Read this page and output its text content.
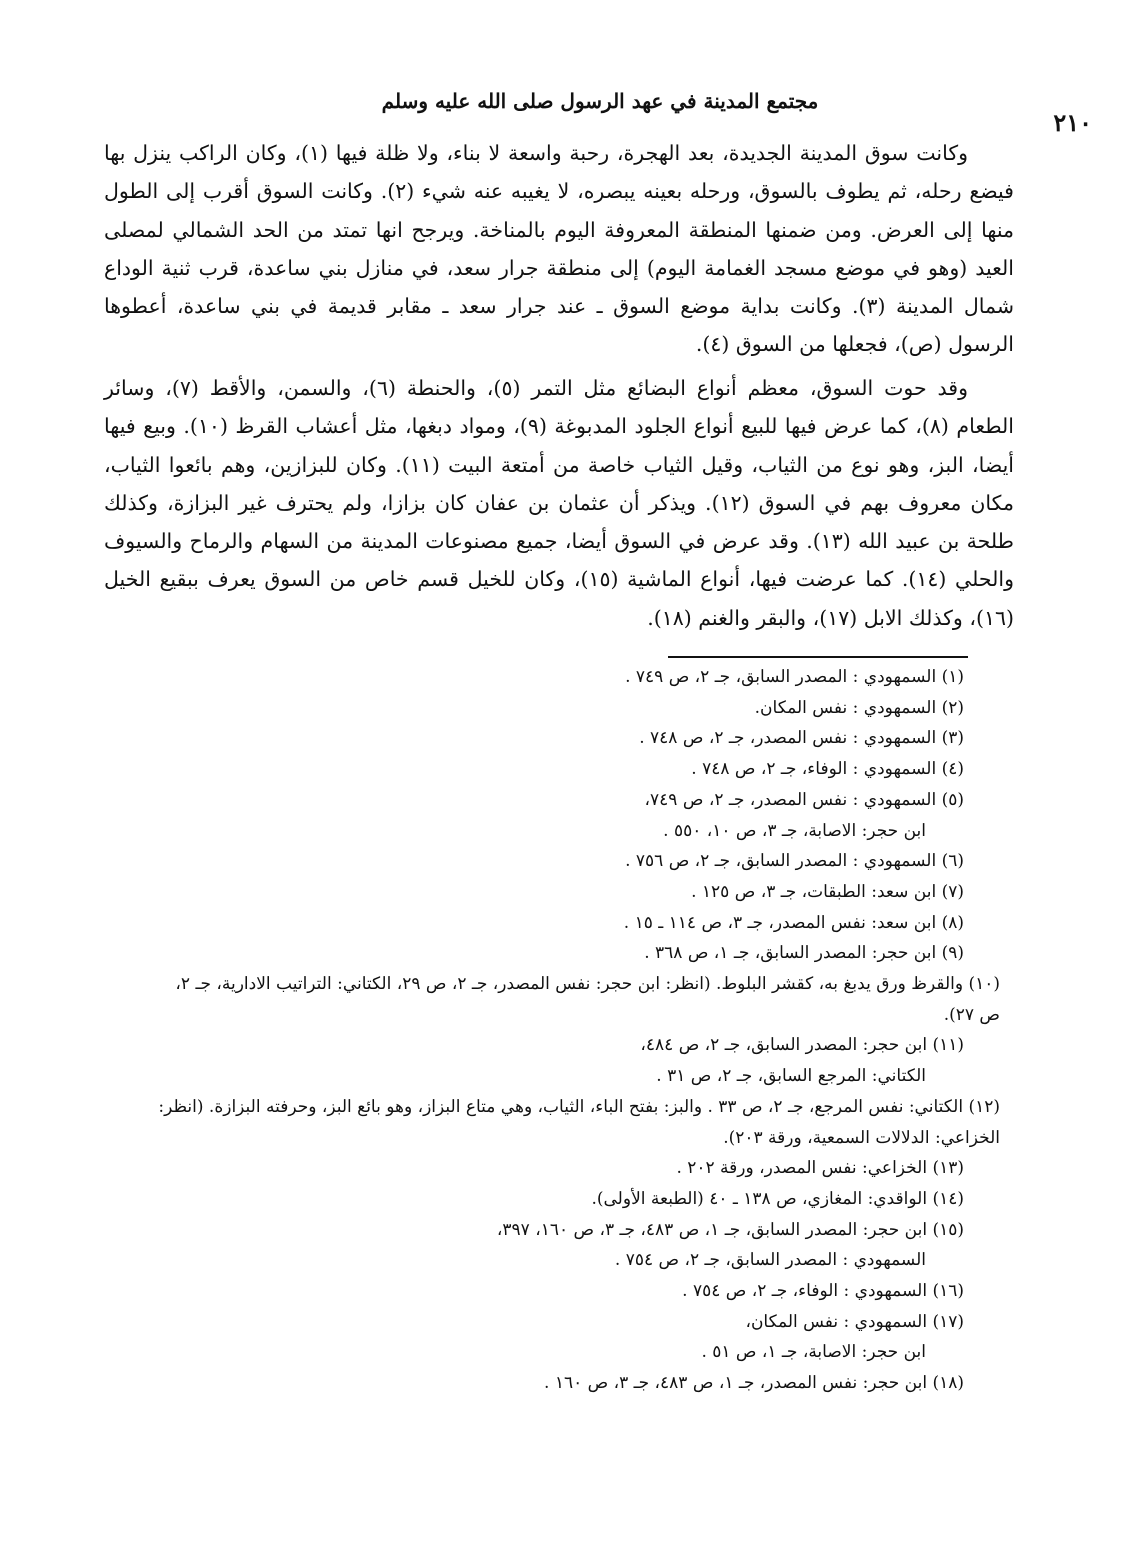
مجتمع المدينة في عهد الرسول صلى الله عليه وسلم
٢١٠

وكانت سوق المدينة الجديدة، بعد الهجرة، رحبة واسعة لا بناء، ولا ظلة فيها (١)، وكان الراكب ينزل بها فيضع رحله، ثم يطوف بالسوق، ورحله بعينه يبصره، لا يغيبه عنه شيء (٢). وكانت السوق أقرب إلى الطول منها إلى العرض. ومن ضمنها المنطقة المعروفة اليوم بالمناخة. ويرجح انها تمتد من الحد الشمالي لمصلى العيد (وهو في موضع مسجد الغمامة اليوم) إلى منطقة جرار سعد، في منازل بني ساعدة، قرب ثنية الوداع شمال المدينة (٣). وكانت بداية موضع السوق ـ عند جرار سعد ـ مقابر قديمة في بني ساعدة، أعطوها الرسول (ص)، فجعلها من السوق (٤).

وقد حوت السوق، معظم أنواع البضائع مثل التمر (٥)، والحنطة (٦)، والسمن، والأقط (٧)، وسائر الطعام (٨)، كما عرض فيها للبيع أنواع الجلود المدبوغة (٩)، ومواد دبغها، مثل أعشاب القرظ (١٠). وبيع فيها أيضا، البز، وهو نوع من الثياب، وقيل الثياب خاصة من أمتعة البيت (١١). وكان للبزازين، وهم بائعوا الثياب، مكان معروف بهم في السوق (١٢). ويذكر أن عثمان بن عفان كان بزازا، ولم يحترف غير البزازة، وكذلك طلحة بن عبيد الله (١٣). وقد عرض في السوق أيضا، جميع مصنوعات المدينة من السهام والرماح والسيوف والحلي (١٤). كما عرضت فيها، أنواع الماشية (١٥)، وكان للخيل قسم خاص من السوق يعرف ببقيع الخيل (١٦)، وكذلك الابل (١٧)، والبقر والغنم (١٨).

(١) السمهودي : المصدر السابق، جـ ٢، ص ٧٤٩ .
(٢) السمهودي : نفس المكان.
(٣) السمهودي : نفس المصدر، جـ ٢، ص ٧٤٨ .
(٤) السمهودي : الوفاء، جـ ٢، ص ٧٤٨ .
(٥) السمهودي : نفس المصدر، جـ ٢، ص ٧٤٩،
ابن حجر: الاصابة، جـ ٣، ص ١٠، ٥٥٠ .
(٦) السمهودي : المصدر السابق، جـ ٢، ص ٧٥٦ .
(٧) ابن سعد: الطبقات، جـ ٣، ص ١٢٥ .
(٨) ابن سعد: نفس المصدر، جـ ٣، ص ١١٤ ـ ١٥ .
(٩) ابن حجر: المصدر السابق، جـ ١، ص ٣٦٨ .
(١٠) والقرظ ورق يدبغ به، كقشر البلوط. (انظر: ابن حجر: نفس المصدر، جـ ٢، ص ٢٩، الكتاني: التراتيب الادارية، جـ ٢،
ص ٢٧).
(١١) ابن حجر: المصدر السابق، جـ ٢، ص ٤٨٤،
الكتاني: المرجع السابق، جـ ٢، ص ٣١ .
(١٢) الكتاني: نفس المرجع، جـ ٢، ص ٣٣ . والبز: بفتح الباء، الثياب، وهي متاع البزاز، وهو بائع البز، وحرفته البزازة. (انظر:
الخزاعي: الدلالات السمعية، ورقة ٢٠٣).
(١٣) الخزاعي: نفس المصدر، ورقة ٢٠٢ .
(١٤) الواقدي: المغازي، ص ١٣٨ ـ ٤٠ (الطبعة الأولى).
(١٥) ابن حجر: المصدر السابق، جـ ١، ص ٤٨٣، جـ ٣، ص ١٦٠، ٣٩٧،
السمهودي : المصدر السابق، جـ ٢، ص ٧٥٤ .
(١٦) السمهودي : الوفاء، جـ ٢، ص ٧٥٤ .
(١٧) السمهودي : نفس المكان،
ابن حجر: الاصابة، جـ ١، ص ٥١ .
(١٨) ابن حجر: نفس المصدر، جـ ١، ص ٤٨٣، جـ ٣، ص ١٦٠ .
